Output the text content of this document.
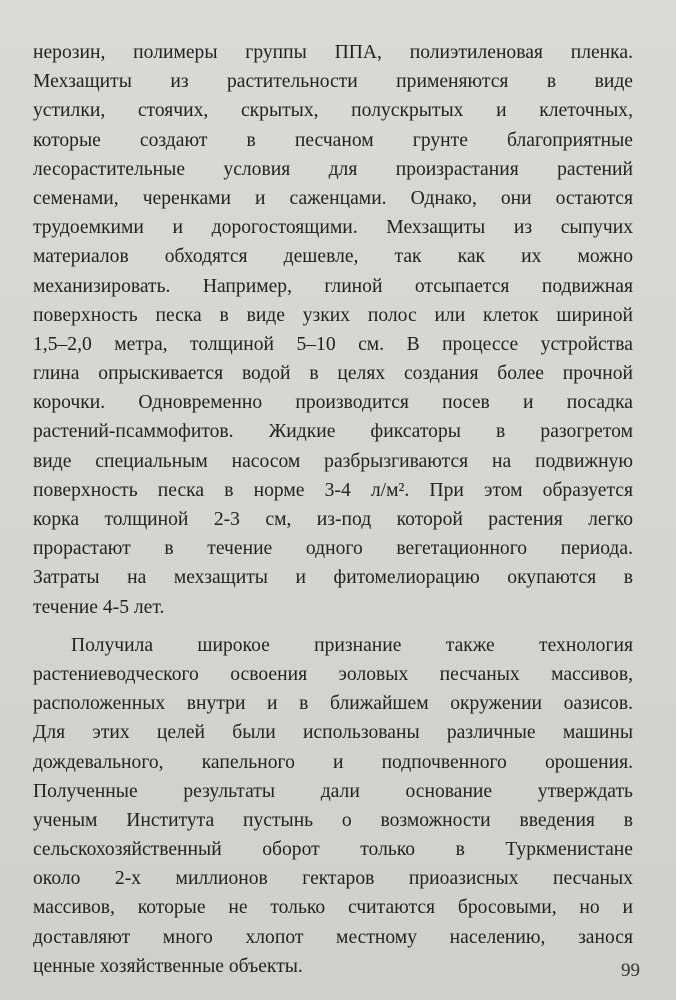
нерозин, полимеры группы ППА, полиэтиленовая пленка.
Мехзащиты из растительности применяются в виде
устилки, стоячих, скрытых, полускрытых и клеточных,
которые создают в песчаном грунте благоприятные
лесорастительные условия для произрастания растений
семенами, черенками и саженцами. Однако, они остаются
трудоемкими и дорогостоящими. Мехзащиты из сыпучих
материалов обходятся дешевле, так как их можно
механизировать. Например, глиной отсыпается подвижная
поверхность песка в виде узких полос или клеток шириной
1,5–2,0 метра, толщиной 5–10 см. В процессе устройства
глина опрыскивается водой в целях создания более прочной
корочки. Одновременно производится посев и посадка
растений-псаммофитов. Жидкие фиксаторы в разогретом
виде специальным насосом разбрызгиваются на подвижную
поверхность песка в норме 3-4 л/м². При этом образуется
корка толщиной 2-3 см, из-под которой растения легко
прорастают в течение одного вегетационного периода.
Затраты на мехзащиты и фитомелиорацию окупаются в
течение 4-5 лет.
Получила широкое признание также технология
растениеводческого освоения эоловых песчаных массивов,
расположенных внутри и в ближайшем окружении оазисов.
Для этих целей были использованы различные машины
дождевального, капельного и подпочвенного орошения.
Полученные результаты дали основание утверждать
ученым Института пустынь о возможности введения в
сельскохозяйственный оборот только в Туркменистане
около 2-х миллионов гектаров приоазисных песчаных
массивов, которые не только считаются бросовыми, но и
доставляют много хлопот местному населению, занося
ценные хозяйственные объекты.	99
